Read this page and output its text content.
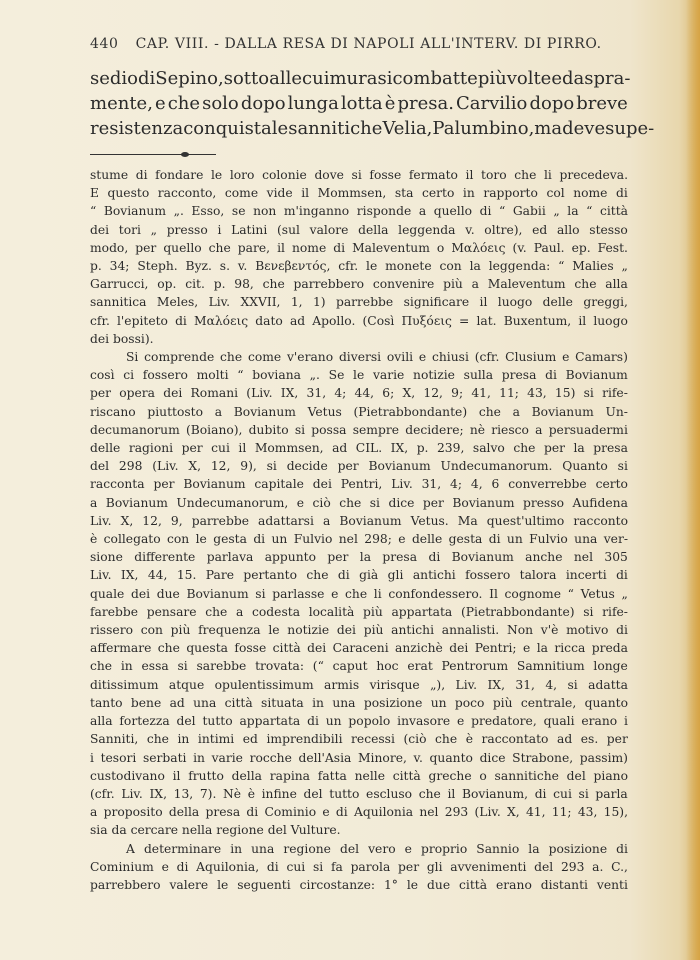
440 CAP. VIII. - DALLA RESA DI NAPOLI ALL'INTERV. DI PIRRO.
sedio di Sepino, sotto alle cui mura si combatte più volte ed aspra-
mente, e che solo dopo lunga lotta è presa. Carvilio dopo breve
resistenza conquista le sannitiche Velia, Palumbino, ma deve supe-
stume di fondare le loro colonie dove si fosse fermato il toro che li precedeva.
E questo racconto, come vide il Mommsen, sta certo in rapporto col nome di
“ Bovianum „. Esso, se non m'inganno risponde a quello di “ Gabii „ la “ città
dei tori „ presso i Latini (sul valore della leggenda v. oltre), ed allo stesso
modo, per quello che pare, il nome di Maleventum o Μαλόεις (v. Paul. ep. Fest.
p. 34; Steph. Byz. s. v. Βενεβεντός, cfr. le monete con la leggenda: “ Malies „
Garrucci, op. cit. p. 98, che parrebbero convenire più a Maleventum che alla
sannitica Meles, Liv. XXVII, 1, 1) parrebbe significare il luogo delle greggi,
cfr. l'epiteto di Μαλόεις dato ad Apollo. (Così Πυξόεις = lat. Buxentum, il luogo
dei bossi).
Si comprende che come v'erano diversi ovili e chiusi (cfr. Clusium e Camars)
così ci fossero molti “ boviana „. Se le varie notizie sulla presa di Bovianum
per opera dei Romani (Liv. IX, 31, 4; 44, 6; X, 12, 9; 41, 11; 43, 15) si rife-
riscano piuttosto a Bovianum Vetus (Pietrabbondante) che a Bovianum Un-
decumanorum (Boiano), dubito si possa sempre decidere; nè riesco a persuadermi
delle ragioni per cui il Mommsen, ad CIL. IX, p. 239, salvo che per la presa
del 298 (Liv. X, 12, 9), si decide per Bovianum Undecumanorum. Quanto si
racconta per Bovianum capitale dei Pentri, Liv. 31, 4; 4, 6 converrebbe certo
a Bovianum Undecumanorum, e ciò che si dice per Bovianum presso Aufidena
Liv. X, 12, 9, parrebbe adattarsi a Bovianum Vetus. Ma quest'ultimo racconto
è collegato con le gesta di un Fulvio nel 298; e delle gesta di un Fulvio una ver-
sione differente parlava appunto per la presa di Bovianum anche nel 305
Liv. IX, 44, 15. Pare pertanto che di già gli antichi fossero talora incerti di
quale dei due Bovianum si parlasse e che li confondessero. Il cognome “ Vetus „
farebbe pensare che a codesta località più appartata (Pietrabbondante) si rife-
rissero con più frequenza le notizie dei più antichi annalisti. Non v'è motivo di
affermare che questa fosse città dei Caraceni anzichè dei Pentri; e la ricca preda
che in essa si sarebbe trovata: (“ caput hoc erat Pentrorum Samnitium longe
ditissimum atque opulentissimum armis virisque „), Liv. IX, 31, 4, si adatta
tanto bene ad una città situata in una posizione un poco più centrale, quanto
alla fortezza del tutto appartata di un popolo invasore e predatore, quali erano i
Sanniti, che in intimi ed imprendibili recessi (ciò che è raccontato ad es. per
i tesori serbati in varie rocche dell'Asia Minore, v. quanto dice Strabone, passim)
custodivano il frutto della rapina fatta nelle città greche o sannitiche del piano
(cfr. Liv. IX, 13, 7). Nè è infine del tutto escluso che il Bovianum, di cui si parla
a proposito della presa di Cominio e di Aquilonia nel 293 (Liv. X, 41, 11; 43, 15),
sia da cercare nella regione del Vulture.
A determinare in una regione del vero e proprio Sannio la posizione di
Cominium e di Aquilonia, di cui si fa parola per gli avvenimenti del 293 a. C.,
parrebbero valere le seguenti circostanze: 1° le due città erano distanti venti
